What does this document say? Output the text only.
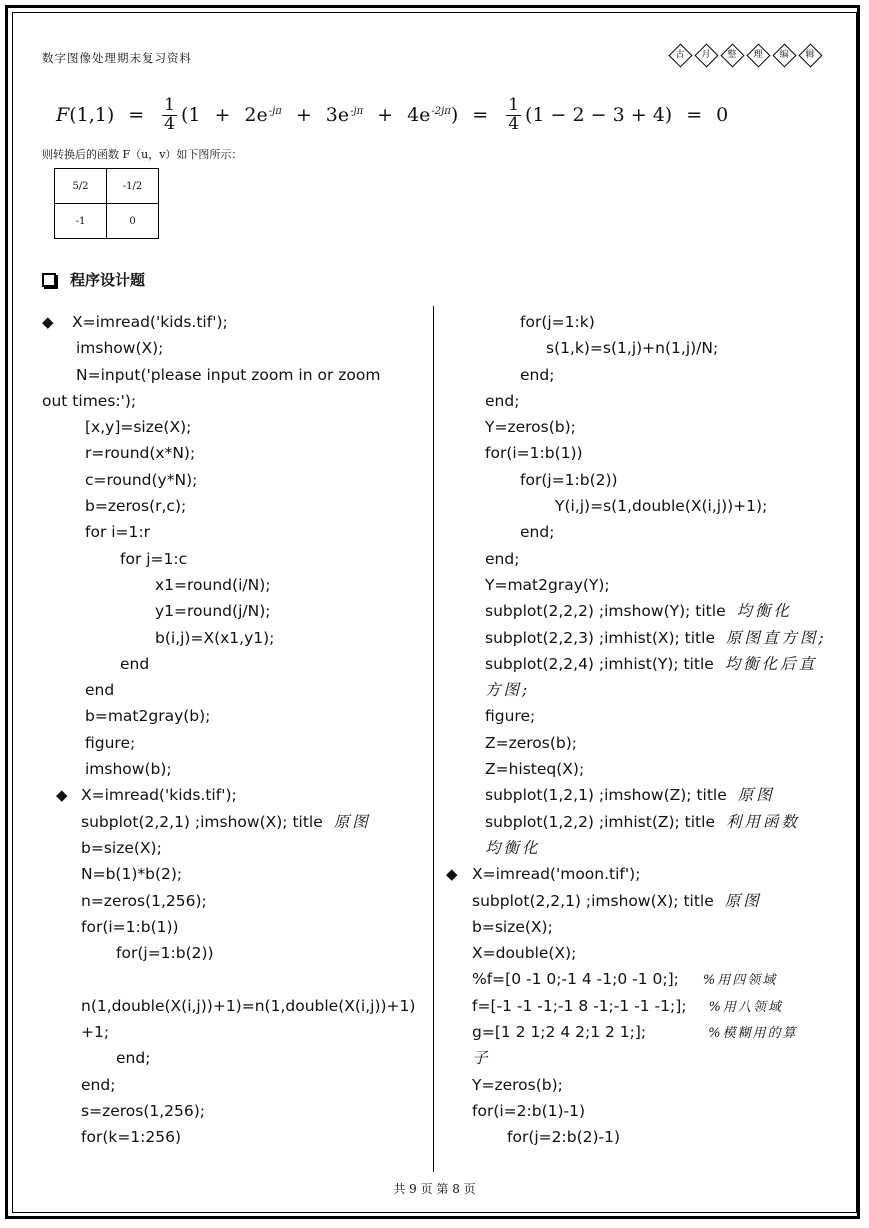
数字图像处理期末复习资料	古	月	整	理	编	辑
F $(1,1) = \frac{1}{4} (1 + 2e^{-j\pi} + 3e^{-j\pi} + 4e^{-2j\pi}$ ) = $\frac{1}{4} (1 - 2 - 3 + 4) = 0$
则转换后的函数 F（u，v）如下图所示：
5/2	-1/2
-1	0
程序设计题
◆ X=imread('kids.tif');
imshow(X);
N=input('please input zoom in or zoom
out times:');
[x,y]=size(X);
r=round(x*N);
c=round(y*N);
b=zeros(r,c);
for i=1:r
for j=1:c
x1=round(i/N);
y1=round(j/N);
b(i,j)=X(x1,y1);
end
end
b=mat2gray(b);
figure;
imshow(b);
◆ X=imread('kids.tif');
subplot(2,2,1) ;imshow(X); title 原图
b=size(X);
N=b(1)*b(2);
n=zeros(1,256);
for(i=1:b(1))
for(j=1:b(2))
n(1,double(X(i,j))+1)=n(1,double(X(i,j))+1)
+1;
end;
end;
s=zeros(1,256);
for(k=1:256)
for(j=1:k)
s(1,k)=s(1,j)+n(1,j)/N;
end;
end;
Y=zeros(b);
for(i=1:b(1))
for(j=1:b(2))
Y(i,j)=s(1,double(X(i,j))+1);
end;
end;
Y=mat2gray(Y);
subplot(2,2,2) ;imshow(Y); title 均衡化
subplot(2,2,3) ;imhist(X); title 原图直方图;
subplot(2,2,4) ;imhist(Y); title 均衡化后直
方图;
figure;
Z=zeros(b);
Z=histeq(X);
subplot(1,2,1) ;imshow(Z); title 原图
subplot(1,2,2) ;imhist(Z); title 利用函数
均衡化
◆ X=imread('moon.tif');
subplot(2,2,1) ;imshow(X); title 原图
b=size(X);
X=double(X);
%f=[0 -1 0;-1 4 -1;0 -1 0;]; %用四领域
f=[-1 -1 -1;-1 8 -1;-1 -1 -1;]; %用八领域
g=[1 2 1;2 4 2;1 2 1;];	%模糊用的算
子
Y=zeros(b);
for(i=2:b(1)-1)
for(j=2:b(2)-1)
共 9 页 第 8 页
